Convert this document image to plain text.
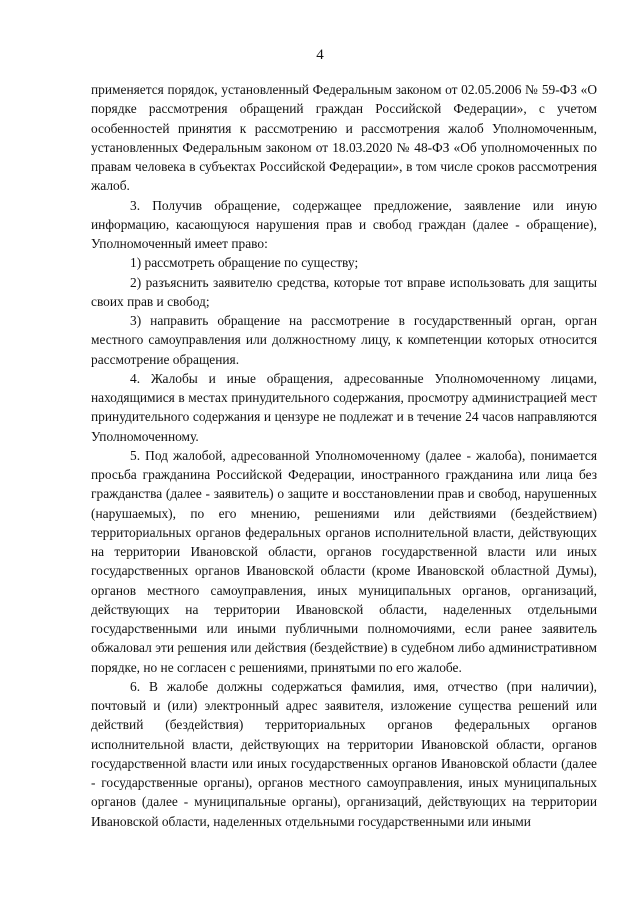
4

применяется порядок, установленный Федеральным законом от 02.05.2006 № 59-ФЗ «О порядке рассмотрения обращений граждан Российской Федерации», с учетом особенностей принятия к рассмотрению и рассмотрения жалоб Уполномоченным, установленных Федеральным законом от 18.03.2020 № 48-ФЗ «Об уполномоченных по правам человека в субъектах Российской Федерации», в том числе сроков рассмотрения жалоб.

3. Получив обращение, содержащее предложение, заявление или иную информацию, касающуюся нарушения прав и свобод граждан (далее - обращение), Уполномоченный имеет право:

1) рассмотреть обращение по существу;

2) разъяснить заявителю средства, которые тот вправе использовать для защиты своих прав и свобод;

3) направить обращение на рассмотрение в государственный орган, орган местного самоуправления или должностному лицу, к компетенции которых относится рассмотрение обращения.

4. Жалобы и иные обращения, адресованные Уполномоченному лицами, находящимися в местах принудительного содержания, просмотру администрацией мест принудительного содержания и цензуре не подлежат и в течение 24 часов направляются Уполномоченному.

5. Под жалобой, адресованной Уполномоченному (далее - жалоба), понимается просьба гражданина Российской Федерации, иностранного гражданина или лица без гражданства (далее - заявитель) о защите и восстановлении прав и свобод, нарушенных (нарушаемых), по его мнению, решениями или действиями (бездействием) территориальных органов федеральных органов исполнительной власти, действующих на территории Ивановской области, органов государственной власти или иных государственных органов Ивановской области (кроме Ивановской областной Думы), органов местного самоуправления, иных муниципальных органов, организаций, действующих на территории Ивановской области, наделенных отдельными государственными или иными публичными полномочиями, если ранее заявитель обжаловал эти решения или действия (бездействие) в судебном либо административном порядке, но не согласен с решениями, принятыми по его жалобе.

6. В жалобе должны содержаться фамилия, имя, отчество (при наличии), почтовый и (или) электронный адрес заявителя, изложение существа решений или действий (бездействия) территориальных органов федеральных органов исполнительной власти, действующих на территории Ивановской области, органов государственной власти или иных государственных органов Ивановской области (далее - государственные органы), органов местного самоуправления, иных муниципальных органов (далее - муниципальные органы), организаций, действующих на территории Ивановской области, наделенных отдельными государственными или иными
